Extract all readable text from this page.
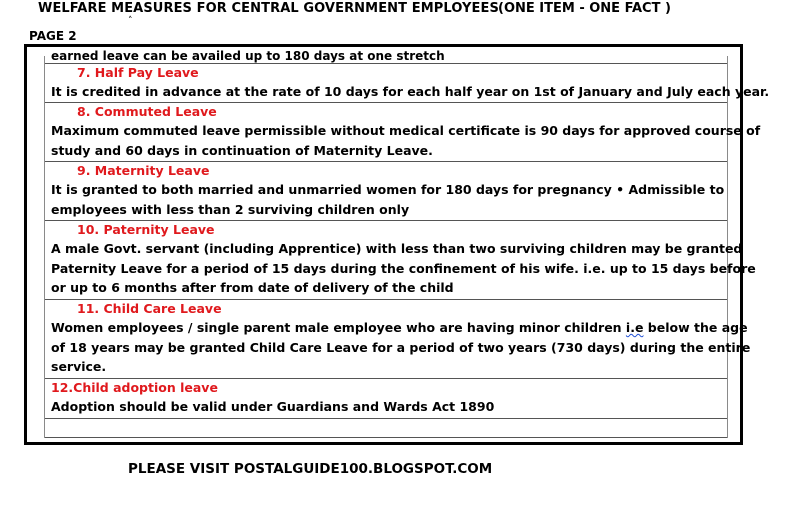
WELFARE MEASURES FOR CENTRAL GOVERNMENT EMPLOYEES (ONE ITEM - ONE FACT )
˄
PAGE 2
earned leave can be availed up to 180 days at one stretch
7. Half Pay Leave
It is credited in advance at the rate of 10 days for each half year on 1st of January and July each year.
8. Commuted Leave
Maximum commuted leave permissible without medical certificate is 90 days for approved course of
study and 60 days in continuation of Maternity Leave.
9. Maternity Leave
It is granted to both married and unmarried women for 180 days for pregnancy • Admissible to
employees with less than 2 surviving children only
10. Paternity Leave
A male Govt. servant (including Apprentice) with less than two surviving children may be granted
Paternity Leave for a period of 15 days during the confinement of his wife. i.e. up to 15 days before
or up to 6 months after from date of delivery of the child
11. Child Care Leave
Women employees / single parent male employee who are having minor children i.e below the age
of 18 years may be granted Child Care Leave for a period of two years (730 days) during the entire
service.
12.Child adoption leave
Adoption should be valid under Guardians and Wards Act 1890
PLEASE VISIT POSTALGUIDE100.BLOGSPOT.COM
